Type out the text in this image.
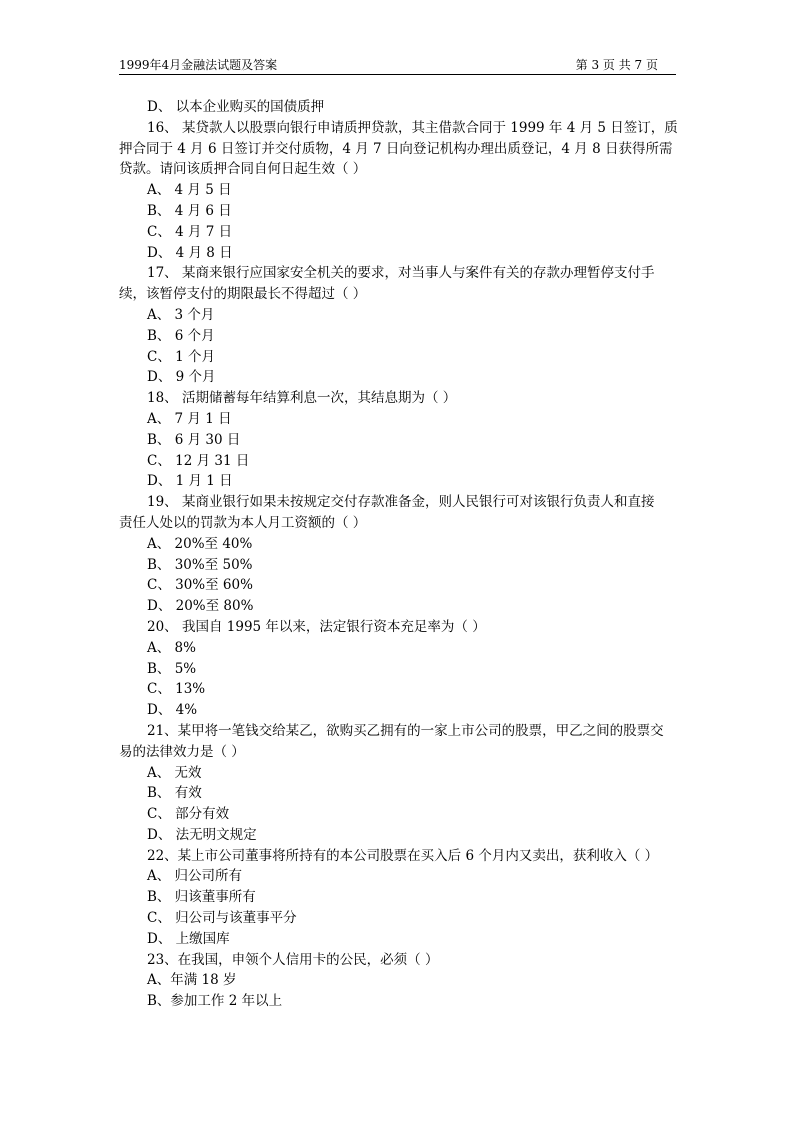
1999年4月金融法试题及答案	第 3 页 共 7 页
D、 以本企业购买的国债质押
16、 某贷款人以股票向银行申请质押贷款，其主借款合同于 1999 年 4 月 5 日签订，质
押合同于 4 月 6 日签订并交付质物，4 月 7 日向登记机构办理出质登记，4 月 8 日获得所需
贷款。请问该质押合同自何日起生效（ ）
A、 4 月 5 日
B、 4 月 6 日
C、 4 月 7 日
D、 4 月 8 日
17、 某商来银行应国家安全机关的要求，对当事人与案件有关的存款办理暂停支付手
续，该暂停支付的期限最长不得超过（ ）
A、 3 个月
B、 6 个月
C、 1 个月
D、 9 个月
18、 活期储蓄每年结算利息一次，其结息期为（ ）
A、 7 月 1 日
B、 6 月 30 日
C、 12 月 31 日
D、 1 月 1 日
19、 某商业银行如果未按规定交付存款准备金，则人民银行可对该银行负责人和直接
责任人处以的罚款为本人月工资额的（ ）
A、 20%至 40%
B、 30%至 50%
C、 30%至 60%
D、 20%至 80%
20、 我国自 1995 年以来，法定银行资本充足率为（ ）
A、 8%
B、 5%
C、 13%
D、 4%
21、某甲将一笔钱交给某乙，欲购买乙拥有的一家上市公司的股票，甲乙之间的股票交
易的法律效力是（ ）
A、 无效
B、 有效
C、 部分有效
D、 法无明文规定
22、某上市公司董事将所持有的本公司股票在买入后 6 个月内又卖出，获利收入（ ）
A、 归公司所有
B、 归该董事所有
C、 归公司与该董事平分
D、 上缴国库
23、在我国，申领个人信用卡的公民，必须（ ）
A、年满 18 岁
B、参加工作 2 年以上
